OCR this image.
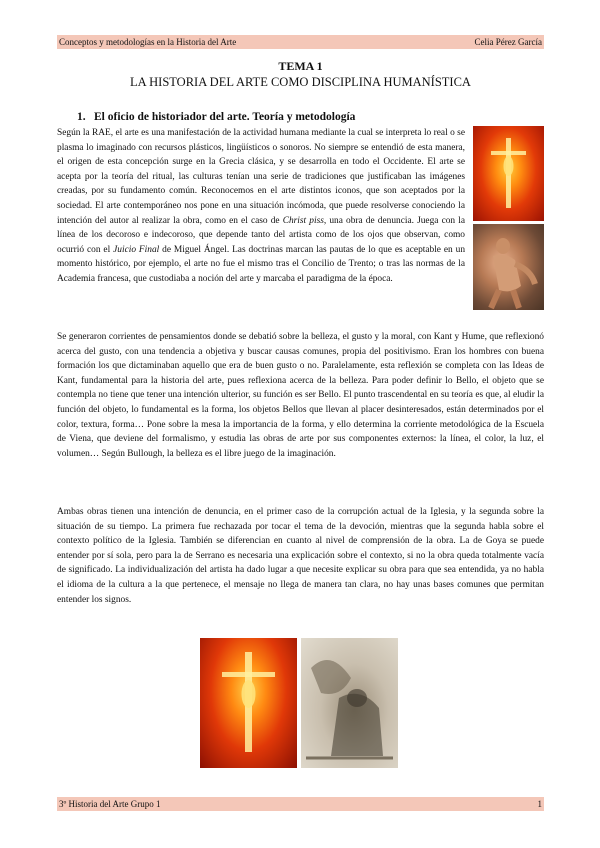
Conceptos y metodologías en la Historia del Arte	Celia Pérez García
TEMA 1
LA HISTORIA DEL ARTE COMO DISCIPLINA HUMANÍSTICA
1. El oficio de historiador del arte. Teoría y metodología

Según la RAE, el arte es una manifestación de la actividad humana mediante la cual se interpreta lo real o se plasma lo imaginado con recursos plásticos, lingüísticos o sonoros. No siempre se entendió de esta manera, el origen de esta concepción surge en la Grecia clásica, y se desarrolla en todo el Occidente. El arte se acepta por la teoría del ritual, las culturas tenían una serie de tradiciones que justificaban las imágenes creadas, por su fundamento común. Reconocemos en el arte distintos iconos, que son aceptados por la sociedad. El arte contemporáneo nos pone en una situación incómoda, que puede resolverse conociendo la intención del autor al realizar la obra, como en el caso de Christ piss, una obra de denuncia. Juega con la línea de los decoroso e indecoroso, que depende tanto del artista como de los ojos que observan, como ocurrió con el Juicio Final de Miguel Ángel. Las doctrinas marcan las pautas de lo que es aceptable en un momento histórico, por ejemplo, el arte no fue el mismo tras el Concilio de Trento; o tras las normas de la Academia francesa, que custodiaba a noción del arte y marcaba el paradigma de la época.

Se generaron corrientes de pensamientos donde se debatió sobre la belleza, el gusto y la moral, con Kant y Hume, que reflexionó acerca del gusto, con una tendencia a objetiva y buscar causas comunes, propia del positivismo. Eran los hombres con buena formación los que dictaminaban aquello que era de buen gusto o no. Paralelamente, esta reflexión se completa con las Ideas de Kant, fundamental para la historia del arte, pues reflexiona acerca de la belleza. Para poder definir lo Bello, el objeto que se contempla no tiene que tener una intención ulterior, su función es ser Bello. El punto trascendental en su teoría es que, al eludir la función del objeto, lo fundamental es la forma, los objetos Bellos que llevan al placer desinteresados, están determinados por el color, textura, forma… Pone sobre la mesa la importancia de la forma, y ello determina la corriente metodológica de la Escuela de Viena, que deviene del formalismo, y estudia las obras de arte por sus componentes externos: la línea, el color, la luz, el volumen… Según Bullough, la belleza es el libre juego de la imaginación.

Ambas obras tienen una intención de denuncia, en el primer caso de la corrupción actual de la Iglesia, y la segunda sobre la situación de su tiempo. La primera fue rechazada por tocar el tema de la devoción, mientras que la segunda habla sobre el contexto político de la Iglesia. También se diferencian en cuanto al nivel de comprensión de la obra. La de Goya se puede entender por sí sola, pero para la de Serrano es necesaria una explicación sobre el contexto, si no la obra queda totalmente vacía de significado. La individualización del artista ha dado lugar a que necesite explicar su obra para que sea entendida, ya no habla el idioma de la cultura a la que pertenece, el mensaje no llega de manera tan clara, no hay unas bases comunes que permitan entender los signos.

3º Historia del Arte Grupo 1	1
